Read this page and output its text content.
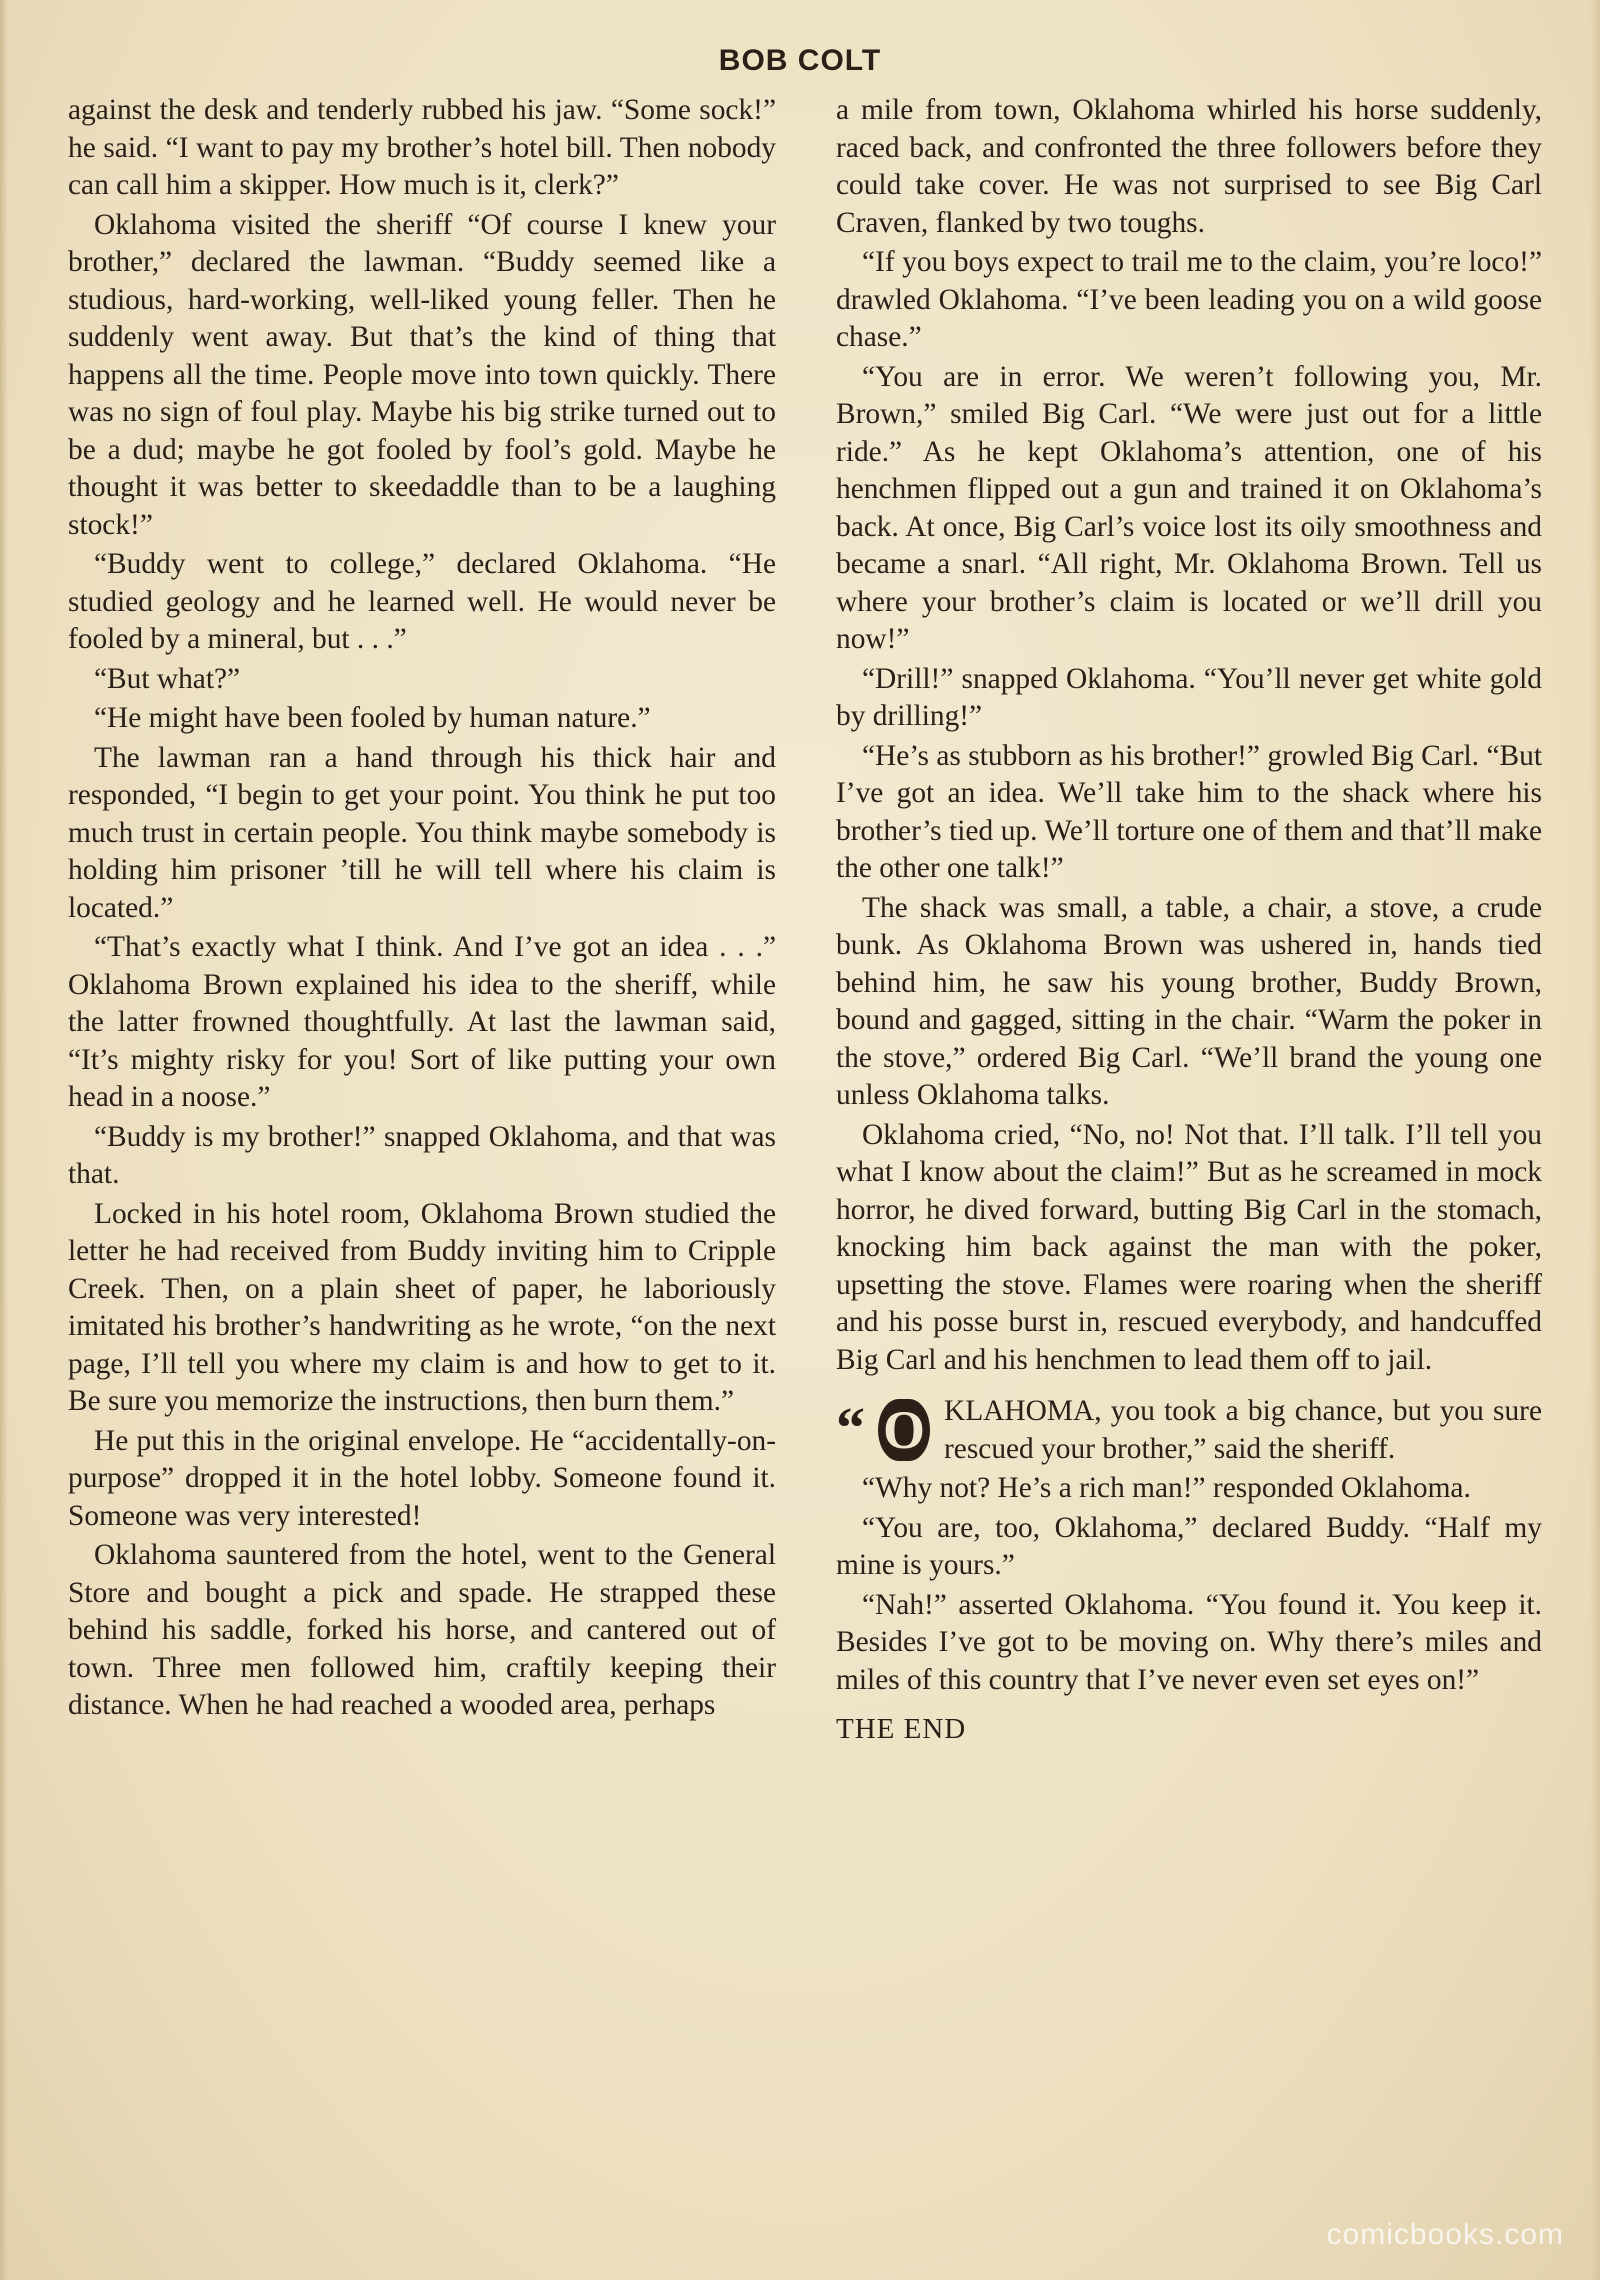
BOB COLT

against the desk and tenderly rubbed his jaw. “Some sock!” he said. “I want to pay my brother’s hotel bill. Then nobody can call him a skipper. How much is it, clerk?”

Oklahoma visited the sheriff “Of course I knew your brother,” declared the lawman. “Buddy seemed like a studious, hard-working, well-liked young feller. Then he suddenly went away. But that’s the kind of thing that happens all the time. People move into town quickly. There was no sign of foul play. Maybe his big strike turned out to be a dud; maybe he got fooled by fool’s gold. Maybe he thought it was better to skeedaddle than to be a laughing stock!”

“Buddy went to college,” declared Oklahoma. “He studied geology and he learned well. He would never be fooled by a mineral, but . . .”

“But what?”

“He might have been fooled by human nature.”

The lawman ran a hand through his thick hair and responded, “I begin to get your point. You think he put too much trust in certain people. You think maybe somebody is holding him prisoner ’till he will tell where his claim is located.”

“That’s exactly what I think. And I’ve got an idea . . .” Oklahoma Brown explained his idea to the sheriff, while the latter frowned thoughtfully. At last the lawman said, “It’s mighty risky for you! Sort of like putting your own head in a noose.”

“Buddy is my brother!” snapped Oklahoma, and that was that.

Locked in his hotel room, Oklahoma Brown studied the letter he had received from Buddy inviting him to Cripple Creek. Then, on a plain sheet of paper, he laboriously imitated his brother’s handwriting as he wrote, “on the next page, I’ll tell you where my claim is and how to get to it. Be sure you memorize the instructions, then burn them.”

He put this in the original envelope. He “accidentally-on-purpose” dropped it in the hotel lobby. Someone found it. Someone was very interested!

Oklahoma sauntered from the hotel, went to the General Store and bought a pick and spade. He strapped these behind his saddle, forked his horse, and cantered out of town. Three men followed him, craftily keeping their distance. When he had reached a wooded area, perhaps

a mile from town, Oklahoma whirled his horse suddenly, raced back, and confronted the three followers before they could take cover. He was not surprised to see Big Carl Craven, flanked by two toughs.

“If you boys expect to trail me to the claim, you’re loco!” drawled Oklahoma. “I’ve been leading you on a wild goose chase.”

“You are in error. We weren’t following you, Mr. Brown,” smiled Big Carl. “We were just out for a little ride.” As he kept Oklahoma’s attention, one of his henchmen flipped out a gun and trained it on Oklahoma’s back. At once, Big Carl’s voice lost its oily smoothness and became a snarl. “All right, Mr. Oklahoma Brown. Tell us where your brother’s claim is located or we’ll drill you now!”

“Drill!” snapped Oklahoma. “You’ll never get white gold by drilling!”

“He’s as stubborn as his brother!” growled Big Carl. “But I’ve got an idea. We’ll take him to the shack where his brother’s tied up. We’ll torture one of them and that’ll make the other one talk!”

The shack was small, a table, a chair, a stove, a crude bunk. As Oklahoma Brown was ushered in, hands tied behind him, he saw his young brother, Buddy Brown, bound and gagged, sitting in the chair. “Warm the poker in the stove,” ordered Big Carl. “We’ll brand the young one unless Oklahoma talks.

Oklahoma cried, “No, no! Not that. I’ll talk. I’ll tell you what I know about the claim!” But as he screamed in mock horror, he dived forward, butting Big Carl in the stomach, knocking him back against the man with the poker, upsetting the stove. Flames were roaring when the sheriff and his posse burst in, rescued everybody, and handcuffed Big Carl and his henchmen to lead them off to jail.

“ O KLAHOMA, you took a big chance, but you sure rescued your brother,” said the sheriff.

“Why not? He’s a rich man!” responded Oklahoma.

“You are, too, Oklahoma,” declared Buddy. “Half my mine is yours.”

“Nah!” asserted Oklahoma. “You found it. You keep it. Besides I’ve got to be moving on. Why there’s miles and miles of this country that I’ve never even set eyes on!”

THE END

comicbooks.com
